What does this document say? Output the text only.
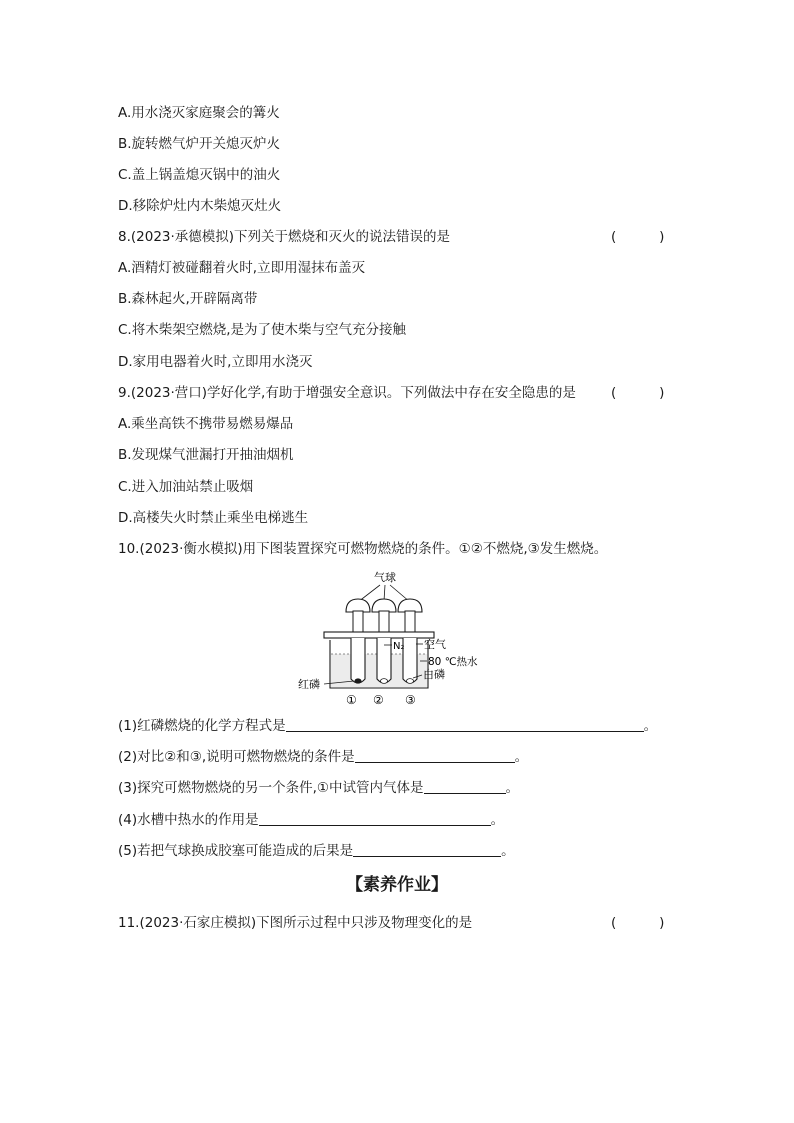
A.用水浇灭家庭聚会的篝火
B.旋转燃气炉开关熄灭炉火
C.盖上锅盖熄灭锅中的油火
D.移除炉灶内木柴熄灭灶火
8.(2023·承德模拟)下列关于燃烧和灭火的说法错误的是	(          )
A.酒精灯被碰翻着火时,立即用湿抹布盖灭
B.森林起火,开辟隔离带
C.将木柴架空燃烧,是为了使木柴与空气充分接触
D.家用电器着火时,立即用水浇灭
9.(2023·营口)学好化学,有助于增强安全意识。下列做法中存在安全隐患的是	(          )
A.乘坐高铁不携带易燃易爆品
B.发现煤气泄漏打开抽油烟机
C.进入加油站禁止吸烟
D.高楼失火时禁止乘坐电梯逃生
10.(2023·衡水模拟)用下图装置探究可燃物燃烧的条件。①②不燃烧,③发生燃烧。
气球
N₂ 空气
80 ℃热水
白磷
红磷
① ② ③
(1)红磷燃烧的化学方程式是	。
(2)对比②和③,说明可燃物燃烧的条件是	。
(3)探究可燃物燃烧的另一个条件,①中试管内气体是	。
(4)水槽中热水的作用是	。
(5)若把气球换成胶塞可能造成的后果是	。
【素养作业】
11.(2023·石家庄模拟)下图所示过程中只涉及物理变化的是	(          )
